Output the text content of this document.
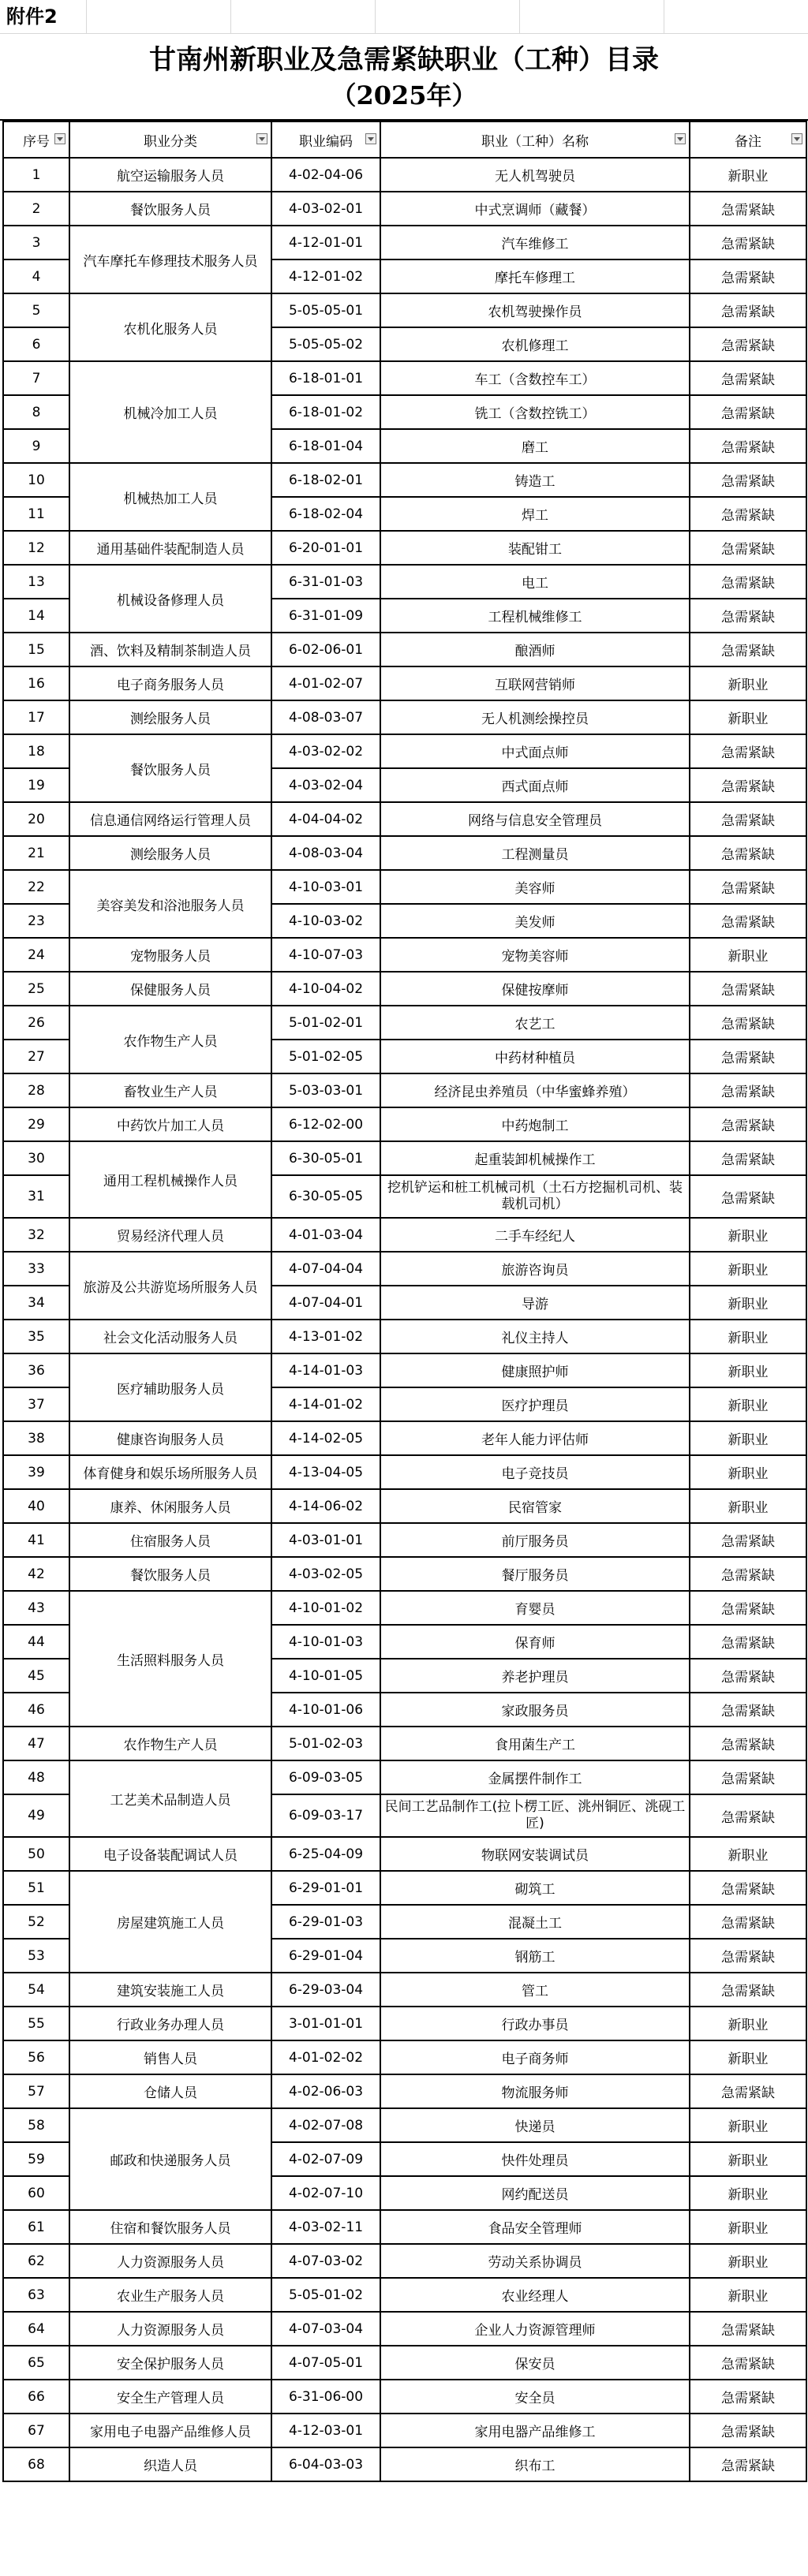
附件2
甘南州新职业及急需紧缺职业（工种）目录
（2025年）
序号	职业分类	职业编码	职业（工种）名称	备注

1	航空运输服务人员	4-02-04-06	无人机驾驶员	新职业
2	餐饮服务人员	4-03-02-01	中式烹调师（藏餐）	急需紧缺
3	汽车摩托车修理技术服务人员	4-12-01-01	汽车维修工	急需紧缺
4		4-12-01-02	摩托车修理工	急需紧缺
5	农机化服务人员	5-05-05-01	农机驾驶操作员	急需紧缺
6		5-05-05-02	农机修理工	急需紧缺
7	机械冷加工人员	6-18-01-01	车工（含数控车工）	急需紧缺
8		6-18-01-02	铣工（含数控铣工）	急需紧缺
9		6-18-01-04	磨工	急需紧缺
10	机械热加工人员	6-18-02-01	铸造工	急需紧缺
11		6-18-02-04	焊工	急需紧缺
12	通用基础件装配制造人员	6-20-01-01	装配钳工	急需紧缺
13	机械设备修理人员	6-31-01-03	电工	急需紧缺
14		6-31-01-09	工程机械维修工	急需紧缺
15	酒、饮料及精制茶制造人员	6-02-06-01	酿酒师	急需紧缺
16	电子商务服务人员	4-01-02-07	互联网营销师	新职业
17	测绘服务人员	4-08-03-07	无人机测绘操控员	新职业
18	餐饮服务人员	4-03-02-02	中式面点师	急需紧缺
19		4-03-02-04	西式面点师	急需紧缺
20	信息通信网络运行管理人员	4-04-04-02	网络与信息安全管理员	急需紧缺
21	测绘服务人员	4-08-03-04	工程测量员	急需紧缺
22	美容美发和浴池服务人员	4-10-03-01	美容师	急需紧缺
23		4-10-03-02	美发师	急需紧缺
24	宠物服务人员	4-10-07-03	宠物美容师	新职业
25	保健服务人员	4-10-04-02	保健按摩师	急需紧缺
26	农作物生产人员	5-01-02-01	农艺工	急需紧缺
27		5-01-02-05	中药材种植员	急需紧缺
28	畜牧业生产人员	5-03-03-01	经济昆虫养殖员（中华蜜蜂养殖）	急需紧缺
29	中药饮片加工人员	6-12-02-00	中药炮制工	急需紧缺
30	通用工程机械操作人员	6-30-05-01	起重装卸机械操作工	急需紧缺
31		6-30-05-05	挖机铲运和桩工机械司机（土石方挖掘机司机、装载机司机）	急需紧缺
32	贸易经济代理人员	4-01-03-04	二手车经纪人	新职业
33	旅游及公共游览场所服务人员	4-07-04-04	旅游咨询员	新职业
34		4-07-04-01	导游	新职业
35	社会文化活动服务人员	4-13-01-02	礼仪主持人	新职业
36	医疗辅助服务人员	4-14-01-03	健康照护师	新职业
37		4-14-01-02	医疗护理员	新职业
38	健康咨询服务人员	4-14-02-05	老年人能力评估师	新职业
39	体育健身和娱乐场所服务人员	4-13-04-05	电子竞技员	新职业
40	康养、休闲服务人员	4-14-06-02	民宿管家	新职业
41	住宿服务人员	4-03-01-01	前厅服务员	急需紧缺
42	餐饮服务人员	4-03-02-05	餐厅服务员	急需紧缺
43	生活照料服务人员	4-10-01-02	育婴员	急需紧缺
44		4-10-01-03	保育师	急需紧缺
45		4-10-01-05	养老护理员	急需紧缺
46		4-10-01-06	家政服务员	急需紧缺
47	农作物生产人员	5-01-02-03	食用菌生产工	急需紧缺
48	工艺美术品制造人员	6-09-03-05	金属摆件制作工	急需紧缺
49		6-09-03-17	民间工艺品制作工(拉卜楞工匠、洮州铜匠、洮砚工匠)	急需紧缺
50	电子设备装配调试人员	6-25-04-09	物联网安装调试员	新职业
51	房屋建筑施工人员	6-29-01-01	砌筑工	急需紧缺
52		6-29-01-03	混凝土工	急需紧缺
53		6-29-01-04	钢筋工	急需紧缺
54	建筑安装施工人员	6-29-03-04	管工	急需紧缺
55	行政业务办理人员	3-01-01-01	行政办事员	新职业
56	销售人员	4-01-02-02	电子商务师	新职业
57	仓储人员	4-02-06-03	物流服务师	急需紧缺
58	邮政和快递服务人员	4-02-07-08	快递员	新职业
59		4-02-07-09	快件处理员	新职业
60		4-02-07-10	网约配送员	新职业
61	住宿和餐饮服务人员	4-03-02-11	食品安全管理师	新职业
62	人力资源服务人员	4-07-03-02	劳动关系协调员	新职业
63	农业生产服务人员	5-05-01-02	农业经理人	新职业
64	人力资源服务人员	4-07-03-04	企业人力资源管理师	急需紧缺
65	安全保护服务人员	4-07-05-01	保安员	急需紧缺
66	安全生产管理人员	6-31-06-00	安全员	急需紧缺
67	家用电子电器产品维修人员	4-12-03-01	家用电器产品维修工	急需紧缺
68	织造人员	6-04-03-03	织布工	急需紧缺
